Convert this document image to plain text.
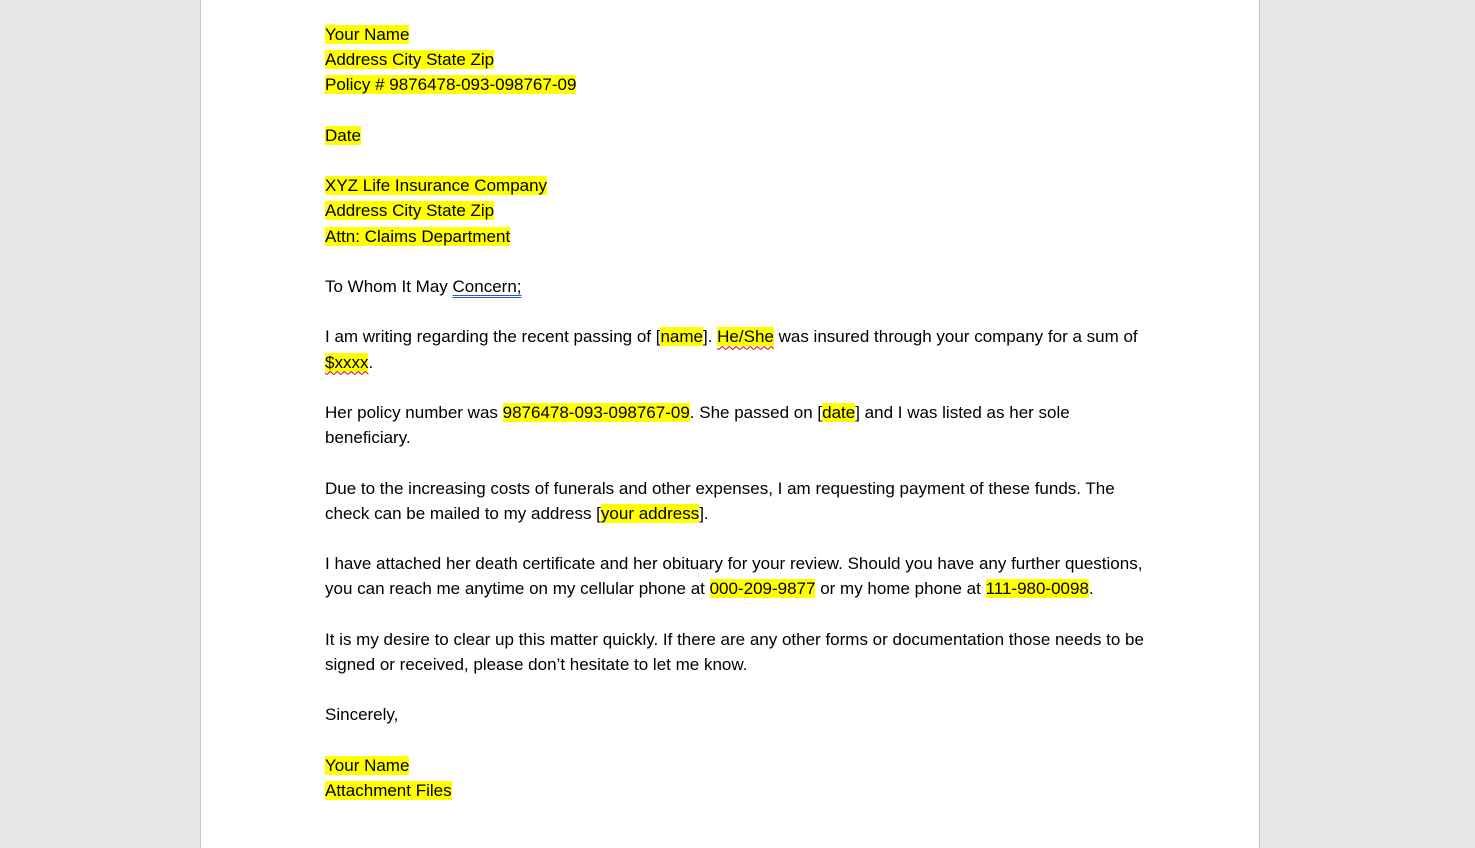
Your Name
Address City State Zip
Policy # 9876478-093-098767-09
Date
XYZ Life Insurance Company
Address City State Zip
Attn: Claims Department
To Whom It May Concern;
I am writing regarding the recent passing of [name]. He/She was insured through your company for a sum of $xxxx.
Her policy number was 9876478-093-098767-09. She passed on [date] and I was listed as her sole beneficiary.
Due to the increasing costs of funerals and other expenses, I am requesting payment of these funds. The check can be mailed to my address [your address].
I have attached her death certificate and her obituary for your review. Should you have any further questions, you can reach me anytime on my cellular phone at 000-209-9877 or my home phone at 111-980-0098.
It is my desire to clear up this matter quickly. If there are any other forms or documentation those needs to be signed or received, please don’t hesitate to let me know.
Sincerely,
Your Name
Attachment Files
